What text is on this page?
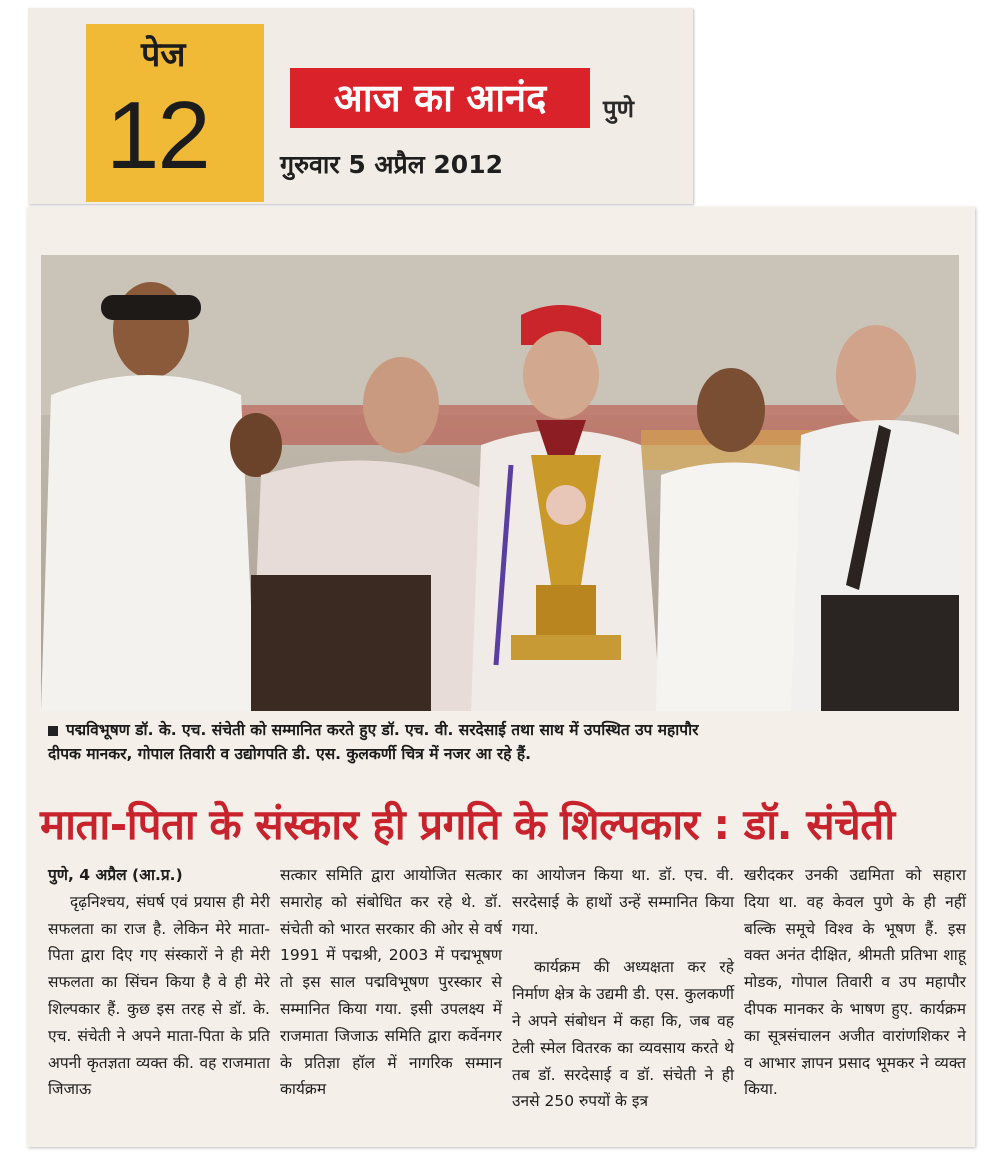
पेज
12	आज का आनंद	पुणे
गुरुवार 5 अप्रैल 2012
पद्मविभूषण डॉ. के. एच. संचेती को सम्मानित करते हुए डॉ. एच. वी. सरदेसाई तथा साथ में उपस्थित उप महापौर
दीपक मानकर, गोपाल तिवारी व उद्योगपति डी. एस. कुलकर्णी चित्र में नजर आ रहे हैं.
माता-पिता के संस्कार ही प्रगति के शिल्पकार : डॉ. संचेती

पुणे, 4 अप्रैल (आ.प्र.)

दृढ़निश्चय, संघर्ष एवं प्रयास ही मेरी सफलता का राज है. लेकिन मेरे माता-पिता द्वारा दिए गए संस्कारों ने ही मेरी सफलता का सिंचन किया है वे ही मेरे शिल्पकार हैं. कुछ इस तरह से डॉ. के. एच. संचेती ने अपने माता-पिता के प्रति अपनी कृतज्ञता व्यक्त की. वह राजमाता जिजाऊ

सत्कार समिति द्वारा आयोजित सत्कार समारोह को संबोधित कर रहे थे. डॉ. संचेती को भारत सरकार की ओर से वर्ष 1991 में पद्मश्री, 2003 में पद्मभूषण तो इस साल पद्मविभूषण पुरस्कार से सम्मानित किया गया. इसी उपलक्ष्य में राजमाता जिजाऊ समिति द्वारा कर्वेनगर के प्रतिज्ञा हॉल में नागरिक सम्मान कार्यक्रम

का आयोजन किया था. डॉ. एच. वी. सरदेसाई के हाथों उन्हें सम्मानित किया गया.

कार्यक्रम की अध्यक्षता कर रहे निर्माण क्षेत्र के उद्यमी डी. एस. कुलकर्णी ने अपने संबोधन में कहा कि, जब वह टेली स्मेल वितरक का व्यवसाय करते थे तब डॉ. सरदेसाई व डॉ. संचेती ने ही उनसे 250 रुपयों के इत्र

खरीदकर उनकी उद्यमिता को सहारा दिया था. वह केवल पुणे के ही नहीं बल्कि समूचे विश्व के भूषण हैं. इस वक्त अनंत दीक्षित, श्रीमती प्रतिभा शाहू मोडक, गोपाल तिवारी व उप महापौर दीपक मानकर के भाषण हुए. कार्यक्रम का सूत्रसंचालन अजीत वारांणशिकर ने व आभार ज्ञापन प्रसाद भूमकर ने व्यक्त किया.
